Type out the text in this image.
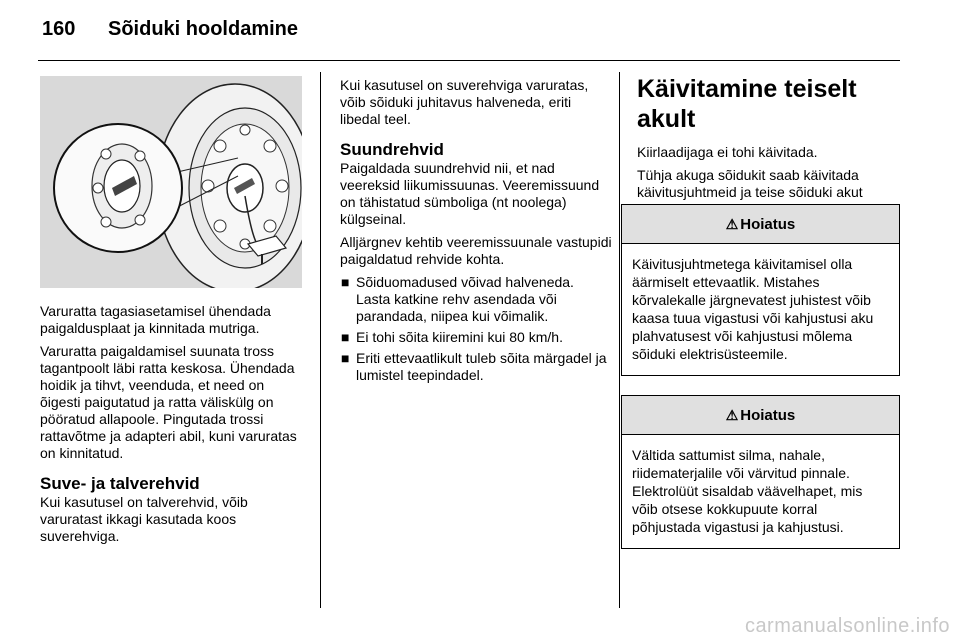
160 Sõiduki hooldamine

Varuratta tagasiasetamisel ühendada paigaldusplaat ja kinnitada mutriga.

Varuratta paigaldamisel suunata tross tagantpoolt läbi ratta keskosa. Ühendada hoidik ja tihvt, veenduda, et need on õigesti paigutatud ja ratta väliskülg on pööratud allapoole. Pingutada trossi rattavõtme ja adapteri abil, kuni varuratas on kinnitatud.

Suve- ja talverehvid

Kui kasutusel on talverehvid, võib varuratast ikkagi kasutada koos suverehviga.

Kui kasutusel on suverehviga varuratas, võib sõiduki juhitavus halveneda, eriti libedal teel.

Suundrehvid

Paigaldada suundrehvid nii, et nad veereksid liikumissuunas. Veeremissuund on tähistatud sümboliga (nt noolega) külgseinal.

Alljärgnev kehtib veeremissuunale vastupidi paigaldatud rehvide kohta.

■ Sõiduomadused võivad halveneda. Lasta katkine rehv asendada või parandada, niipea kui võimalik.
■ Ei tohi sõita kiiremini kui 80 km/h.
■ Eriti ettevaatlikult tuleb sõita märgadel ja lumistel teepindadel.
Käivitamine teiselt akult

Kiirlaadijaga ei tohi käivitada.

Tühja akuga sõidukit saab käivitada käivitusjuhtmeid ja teise sõiduki akut

⚠ Hoiatus
Käivitusjuhtmetega käivitamisel olla äärmiselt ettevaatlik. Mistahes kõrvalekalle järgnevatest juhistest võib kaasa tuua vigastusi või kahjustusi aku plahvatusest või kahjustusi mõlema sõiduki elektrisüsteemile.
⚠ Hoiatus
Vältida sattumist silma, nahale, riidematerjalile või värvitud pinnale. Elektrolüüt sisaldab väävelhapet, mis võib otsese kokkupuute korral põhjustada vigastusi ja kahjustusi.
carmanualsonline.info
